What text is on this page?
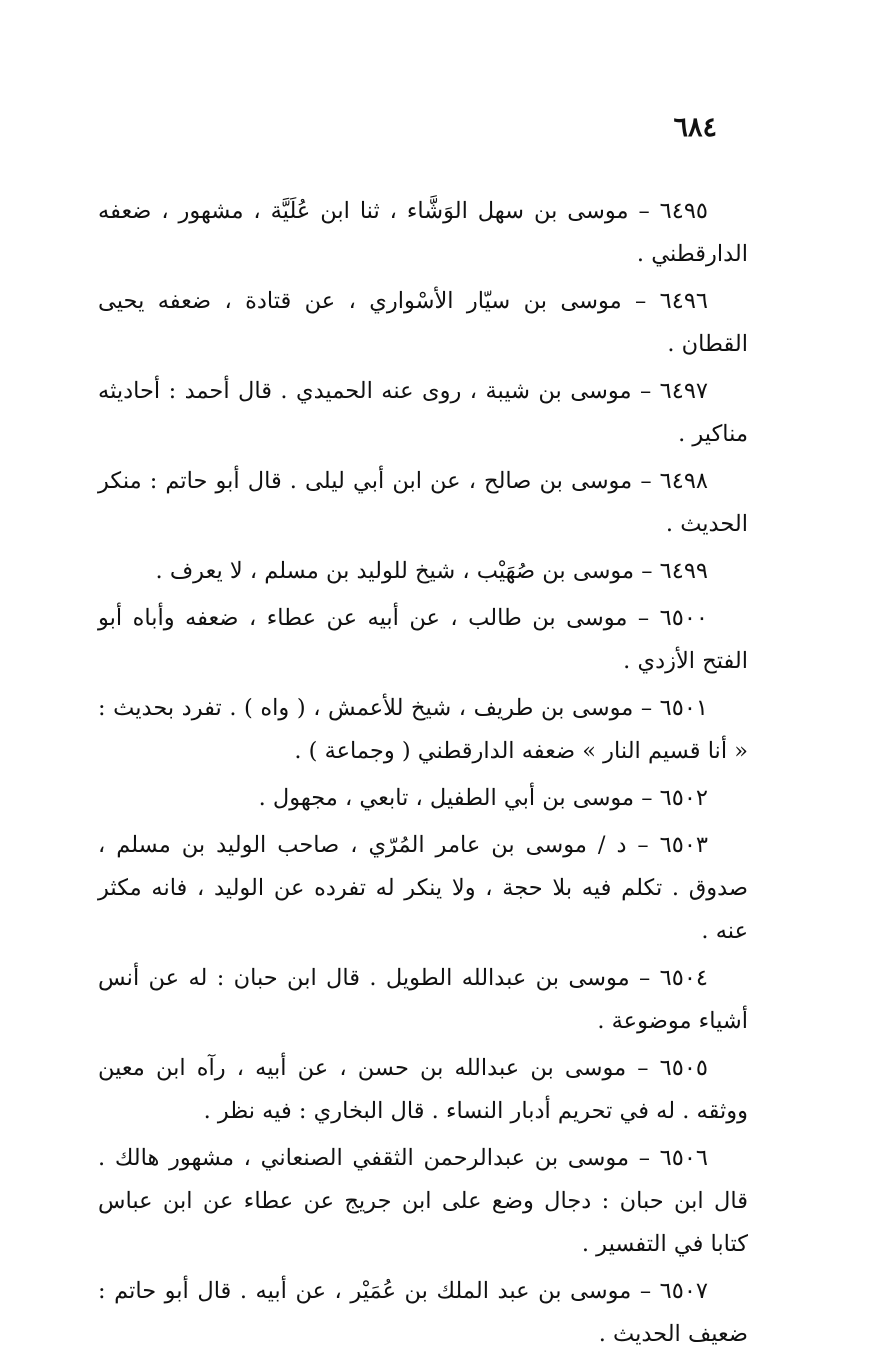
٦٨٤

٦٤٩٥ – موسى بن سهل الوَشَّاء ، ثنا ابن عُلَيَّة ، مشهور ، ضعفه الدارقطني .

٦٤٩٦ – موسى بن سيّار الأسْواري ، عن قتادة ، ضعفه يحيى القطان .

٦٤٩٧ – موسى بن شيبة ، روى عنه الحميدي . قال أحمد : أحاديثه مناكير .

٦٤٩٨ – موسى بن صالح ، عن ابن أبي ليلى . قال أبو حاتم : منكر الحديث .

٦٤٩٩ – موسى بن صُهَيْب ، شيخ للوليد بن مسلم ، لا يعرف .

٦٥٠٠ – موسى بن طالب ، عن أبيه عن عطاء ، ضعفه وأباه أبو الفتح الأزدي .

٦٥٠١ – موسى بن طريف ، شيخ للأعمش ، ( واه ) . تفرد بحديث : « أنا قسيم النار » ضعفه الدارقطني ( وجماعة ) .

٦٥٠٢ – موسى بن أبي الطفيل ، تابعي ، مجهول .

٦٥٠٣ – د / موسى بن عامر المُرّي ، صاحب الوليد بن مسلم ، صدوق . تكلم فيه بلا حجة ، ولا ينكر له تفرده عن الوليد ، فانه مكثر عنه .

٦٥٠٤ – موسى بن عبدالله الطويل . قال ابن حبان : له عن أنس أشياء موضوعة .

٦٥٠٥ – موسى بن عبدالله بن حسن ، عن أبيه ، رآه ابن معين ووثقه . له في تحريم أدبار النساء . قال البخاري : فيه نظر .

٦٥٠٦ – موسى بن عبدالرحمن الثقفي الصنعاني ، مشهور هالك . قال ابن حبان : دجال وضع على ابن جريج عن عطاء عن ابن عباس كتابا في التفسير .

٦٥٠٧ – موسى بن عبد الملك بن عُمَيْر ، عن أبيه . قال أبو حاتم : ضعيف الحديث .
